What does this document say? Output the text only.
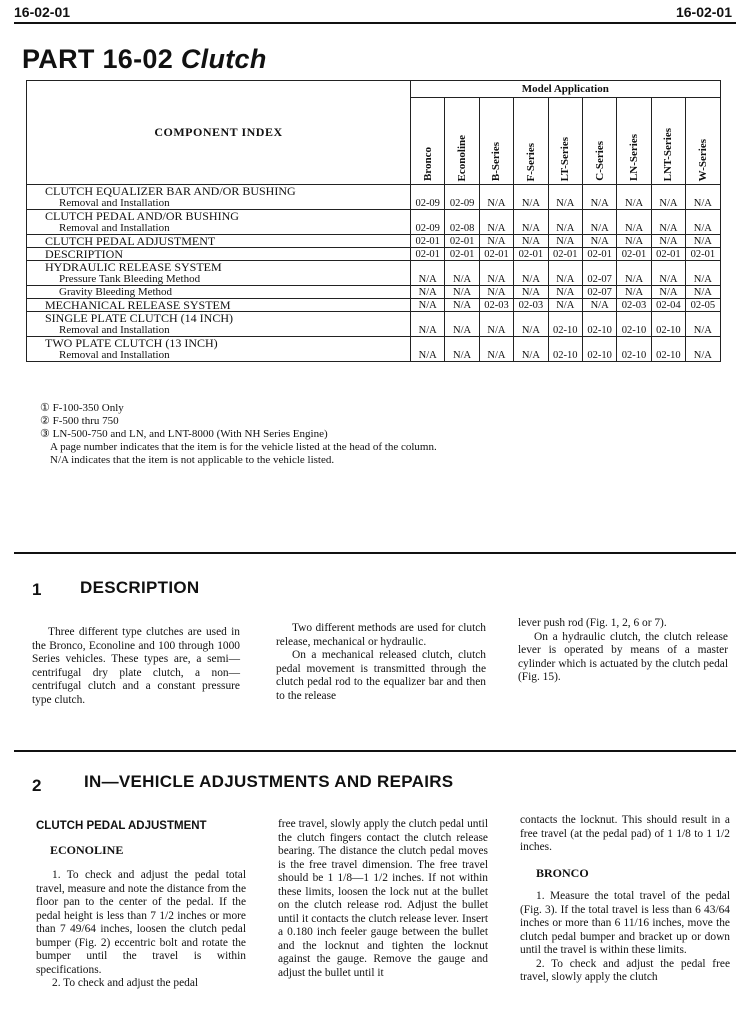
16-02-01	16-02-01
PART 16-02 Clutch
COMPONENT INDEX	Model Application								
	Bronco	Econoline	B-Series	F-Series	LT-Series	C-Series	LN-Series	LNT-Series	W-Series

CLUTCH EQUALIZER BAR AND/OR BUSHING
Removal and Installation	02-09	02-09	N/A	N/A	N/A	N/A	N/A	N/A	N/A

CLUTCH PEDAL AND/OR BUSHING
Removal and Installation	02-09	02-08	N/A	N/A	N/A	N/A	N/A	N/A	N/A

CLUTCH PEDAL ADJUSTMENT	02-01	02-01	N/A	N/A	N/A	N/A	N/A	N/A	N/A

DESCRIPTION	02-01	02-01	02-01	02-01	02-01	02-01	02-01	02-01	02-01

HYDRAULIC RELEASE SYSTEM
Pressure Tank Bleeding Method	N/A	N/A	N/A	N/A	N/A	02-07	N/A	N/A	N/A

Gravity Bleeding Method	N/A	N/A	N/A	N/A	N/A	02-07	N/A	N/A	N/A

MECHANICAL RELEASE SYSTEM	N/A	N/A	02-03	02-03	N/A	N/A	02-03	02-04	02-05

SINGLE PLATE CLUTCH (14 INCH)
Removal and Installation	N/A	N/A	N/A	N/A	02-10	02-10	02-10	02-10	N/A

TWO PLATE CLUTCH (13 INCH)
Removal and Installation	N/A	N/A	N/A	N/A	02-10	02-10	02-10	02-10	N/A
① F-100-350 Only
② F-500 thru 750
③ LN-500-750 and LN, and LNT-8000 (With NH Series Engine)
A page number indicates that the item is for the vehicle listed at the head of the column.
N/A indicates that the item is not applicable to the vehicle listed.
1 DESCRIPTION

Three different type clutches are used in the Bronco, Econoline and 100 through 1000 Series vehicles. These types are, a semi—centrifugal dry plate clutch, a non—centrifugal clutch and a constant pressure type clutch.

Two different methods are used for clutch release, mechanical or hydraulic.

On a mechanical released clutch, clutch pedal movement is transmitted through the clutch pedal rod to the equalizer bar and then to the release

lever push rod (Fig. 1, 2, 6 or 7).

On a hydraulic clutch, the clutch release lever is operated by means of a master cylinder which is actuated by the clutch pedal (Fig. 15).

2	IN—VEHICLE ADJUSTMENTS AND REPAIRS
CLUTCH PEDAL ADJUSTMENT
ECONOLINE

1. To check and adjust the pedal total travel, measure and note the distance from the floor pan to the center of the pedal. If the pedal height is less than 7 1/2 inches or more than 7 49/64 inches, loosen the clutch pedal bumper (Fig. 2) eccentric bolt and rotate the bumper until the travel is within specifications.

2. To check and adjust the pedal

free travel, slowly apply the clutch pedal until the clutch fingers contact the clutch release bearing. The distance the clutch pedal moves is the free travel dimension. The free travel should be 1 1/8—1 1/2 inches. If not within these limits, loosen the lock nut at the bullet on the clutch release rod. Adjust the bullet until it contacts the clutch release lever. Insert a 0.180 inch feeler gauge between the bullet and the locknut and tighten the locknut against the gauge. Remove the gauge and adjust the bullet until it

contacts the locknut. This should result in a free travel (at the pedal pad) of 1 1/8 to 1 1/2 inches.

BRONCO

1. Measure the total travel of the pedal (Fig. 3). If the total travel is less than 6 43/64 inches or more than 6 11/16 inches, move the clutch pedal bumper and bracket up or down until the travel is within these limits.

2. To check and adjust the pedal free travel, slowly apply the clutch
